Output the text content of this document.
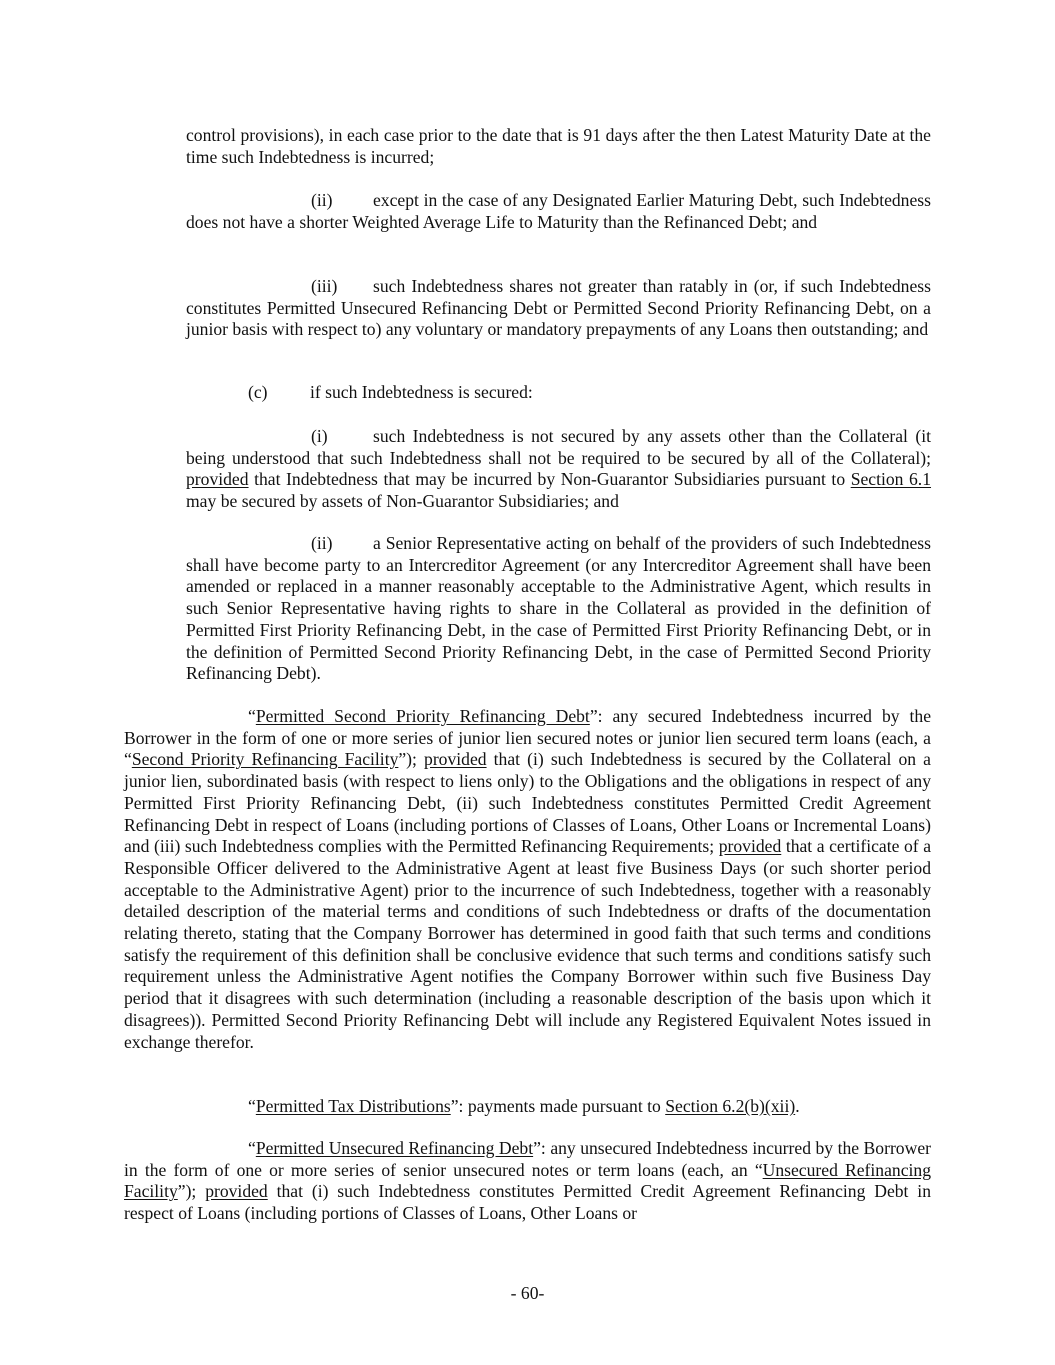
control provisions), in each case prior to the date that is 91 days after the then Latest Maturity Date at the time such Indebtedness is incurred;

(ii) except in the case of any Designated Earlier Maturing Debt, such Indebtedness does not have a shorter Weighted Average Life to Maturity than the Refinanced Debt; and

(iii) such Indebtedness shares not greater than ratably in (or, if such Indebtedness constitutes Permitted Unsecured Refinancing Debt or Permitted Second Priority Refinancing Debt, on a junior basis with respect to) any voluntary or mandatory prepayments of any Loans then outstanding; and

(c) if such Indebtedness is secured:

(i)	such Indebtedness is not secured by any assets other than the Collateral (it being understood that such Indebtedness shall not be required to be secured by all of the Collateral); provided that Indebtedness that may be incurred by Non-Guarantor Subsidiaries pursuant to Section 6.1 may be secured by assets of Non-Guarantor Subsidiaries; and

(ii) a Senior Representative acting on behalf of the providers of such Indebtedness shall have become party to an Intercreditor Agreement (or any Intercreditor Agreement shall have been amended or replaced in a manner reasonably acceptable to the Administrative Agent, which results in such Senior Representative having rights to share in the Collateral as provided in the definition of Permitted First Priority Refinancing Debt, in the case of Permitted First Priority Refinancing Debt, or in the definition of Permitted Second Priority Refinancing Debt, in the case of Permitted Second Priority Refinancing Debt).

“Permitted Second Priority Refinancing Debt”: any secured Indebtedness incurred by the Borrower in the form of one or more series of junior lien secured notes or junior lien secured term loans (each, a “Second Priority Refinancing Facility”); provided that (i) such Indebtedness is secured by the Collateral on a junior lien, subordinated basis (with respect to liens only) to the Obligations and the obligations in respect of any Permitted First Priority Refinancing Debt, (ii) such Indebtedness constitutes Permitted Credit Agreement Refinancing Debt in respect of Loans (including portions of Classes of Loans, Other Loans or Incremental Loans) and (iii) such Indebtedness complies with the Permitted Refinancing Requirements; provided that a certificate of a Responsible Officer delivered to the Administrative Agent at least five Business Days (or such shorter period acceptable to the Administrative Agent) prior to the incurrence of such Indebtedness, together with a reasonably detailed description of the material terms and conditions of such Indebtedness or drafts of the documentation relating thereto, stating that the Company Borrower has determined in good faith that such terms and conditions satisfy the requirement of this definition shall be conclusive evidence that such terms and conditions satisfy such requirement unless the Administrative Agent notifies the Company Borrower within such five Business Day period that it disagrees with such determination (including a reasonable description of the basis upon which it disagrees)). Permitted Second Priority Refinancing Debt will include any Registered Equivalent Notes issued in exchange therefor.

“Permitted Tax Distributions”: payments made pursuant to Section 6.2(b)(xii).

“Permitted Unsecured Refinancing Debt”: any unsecured Indebtedness incurred by the Borrower in the form of one or more series of senior unsecured notes or term loans (each, an “Unsecured Refinancing Facility”); provided that (i) such Indebtedness constitutes Permitted Credit Agreement Refinancing Debt in respect of Loans (including portions of Classes of Loans, Other Loans or

- 60-
